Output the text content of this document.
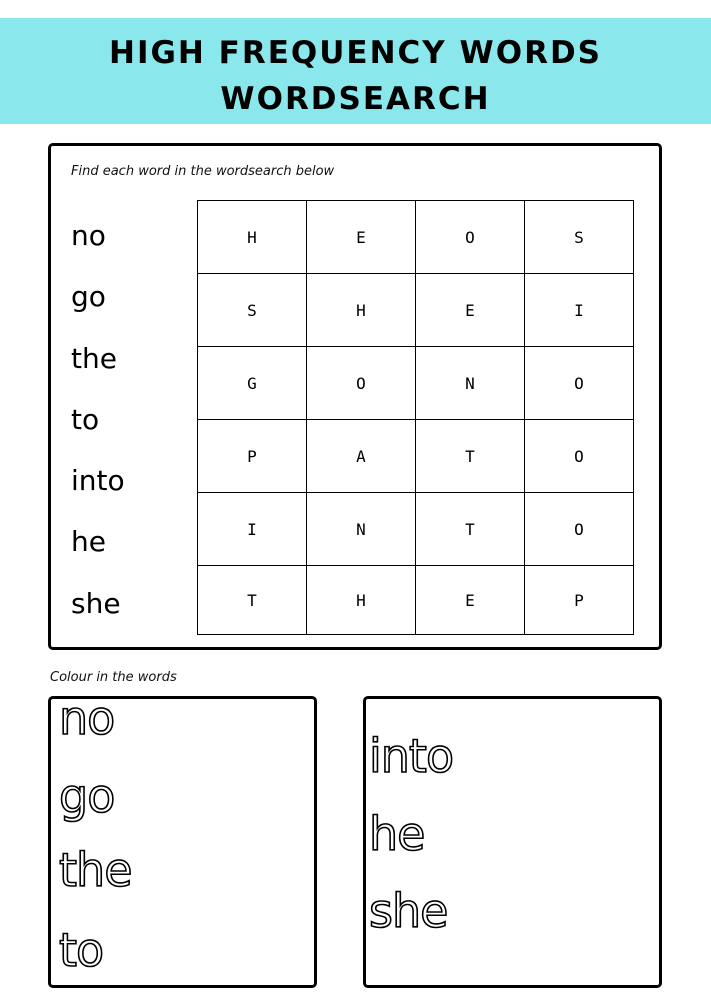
HIGH FREQUENCY WORDS
WORDSEARCH
Find each word in the wordsearch below
no
go
the
to
into
he
she
H	E	O	S
S	H	E	I
G	O	N	O
P	A	T	O
I	N	T	O
T	H	E	P
Colour in the words
no
go
the
to
into
he
she
